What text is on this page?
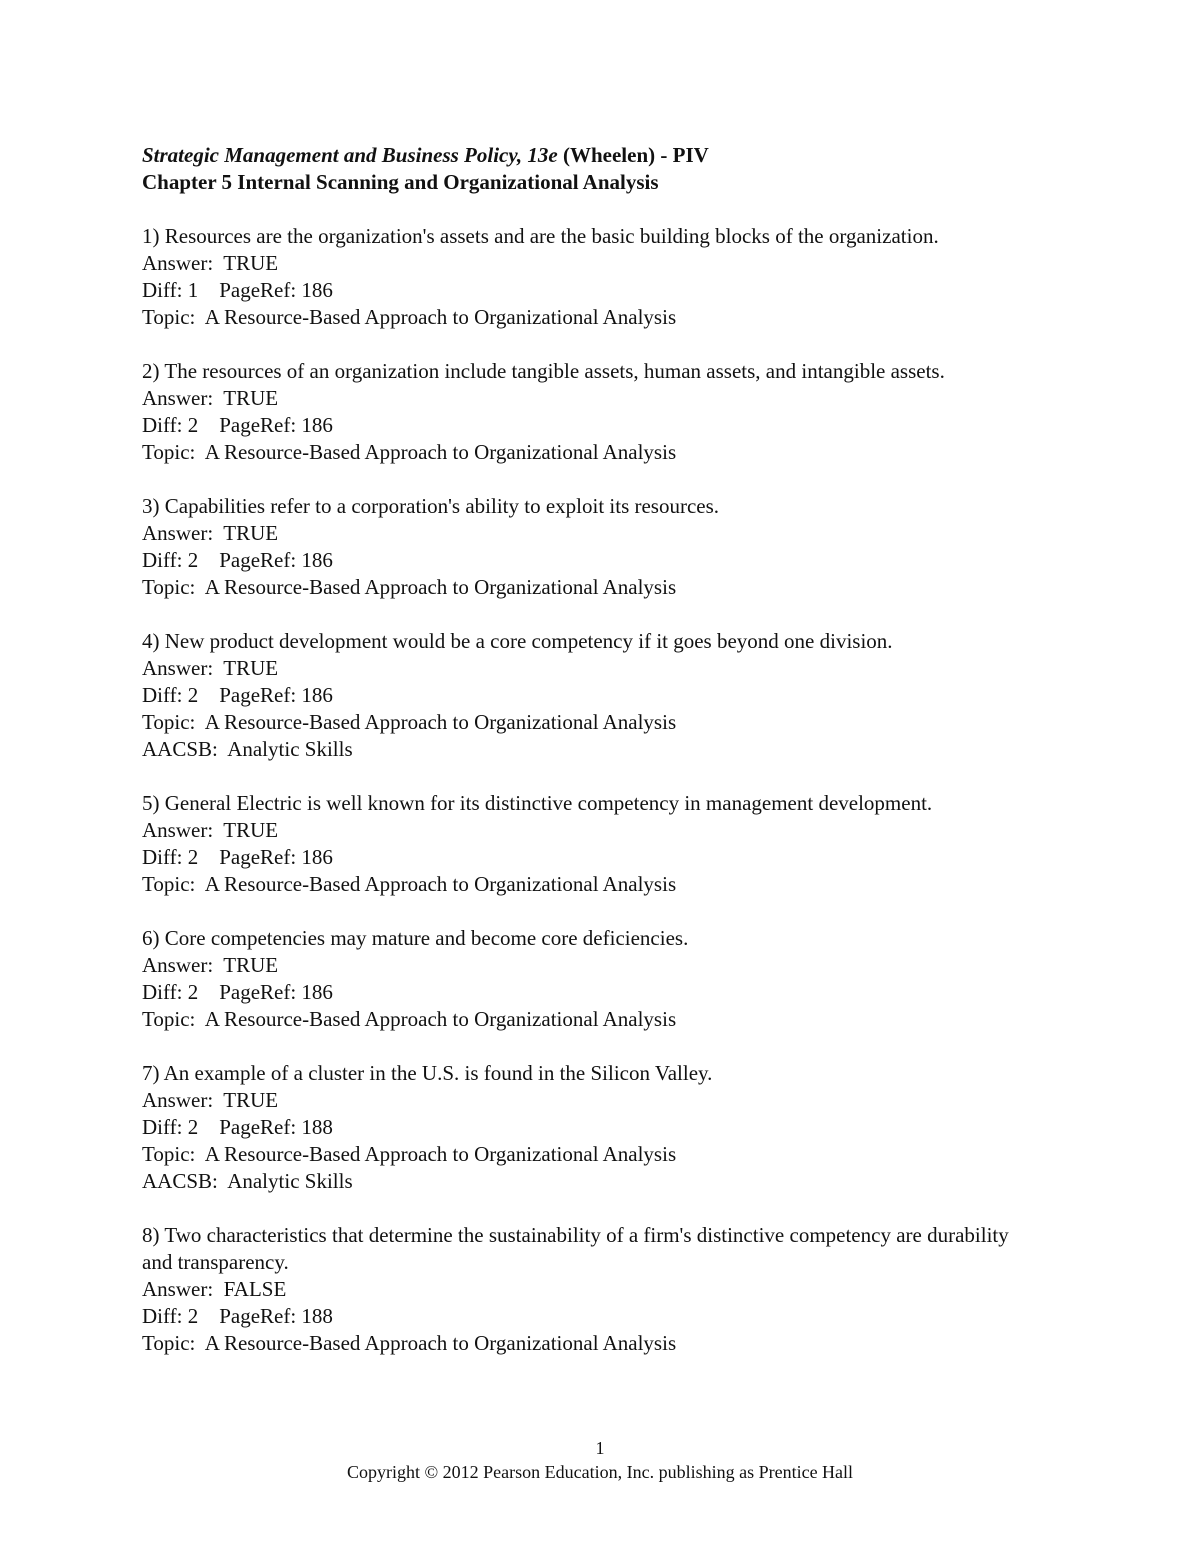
Strategic Management and Business Policy, 13e (Wheelen) - PIV
Chapter 5 Internal Scanning and Organizational Analysis
1) Resources are the organization's assets and are the basic building blocks of the organization.
Answer:  TRUE
Diff: 1    PageRef: 186
Topic:  A Resource-Based Approach to Organizational Analysis
2) The resources of an organization include tangible assets, human assets, and intangible assets.
Answer:  TRUE
Diff: 2    PageRef: 186
Topic:  A Resource-Based Approach to Organizational Analysis
3) Capabilities refer to a corporation's ability to exploit its resources.
Answer:  TRUE
Diff: 2    PageRef: 186
Topic:  A Resource-Based Approach to Organizational Analysis
4) New product development would be a core competency if it goes beyond one division.
Answer:  TRUE
Diff: 2    PageRef: 186
Topic:  A Resource-Based Approach to Organizational Analysis
AACSB:  Analytic Skills
5) General Electric is well known for its distinctive competency in management development.
Answer:  TRUE
Diff: 2    PageRef: 186
Topic:  A Resource-Based Approach to Organizational Analysis
6) Core competencies may mature and become core deficiencies.
Answer:  TRUE
Diff: 2    PageRef: 186
Topic:  A Resource-Based Approach to Organizational Analysis
7) An example of a cluster in the U.S. is found in the Silicon Valley.
Answer:  TRUE
Diff: 2    PageRef: 188
Topic:  A Resource-Based Approach to Organizational Analysis
AACSB:  Analytic Skills
8) Two characteristics that determine the sustainability of a firm's distinctive competency are durability and transparency.
Answer:  FALSE
Diff: 2    PageRef: 188
Topic:  A Resource-Based Approach to Organizational Analysis
1
Copyright © 2012 Pearson Education, Inc. publishing as Prentice Hall
